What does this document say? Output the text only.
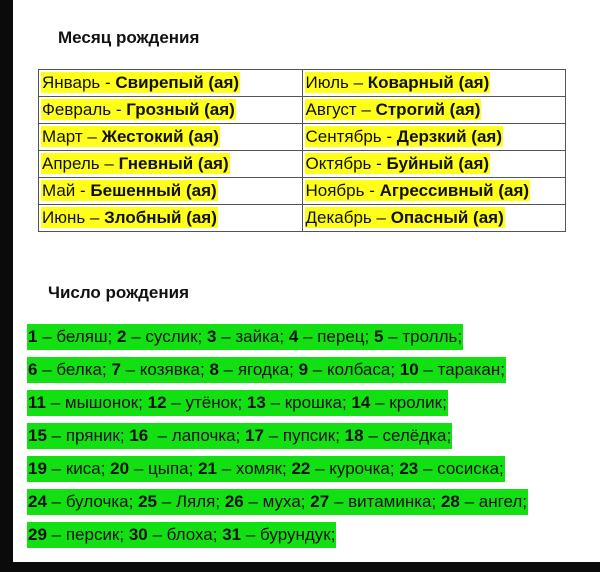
Месяц рождения
Январь - Свирепый (ая)	Июль – Коварный (ая)
Февраль - Грозный (ая)	Август – Строгий (ая)
Март – Жестокий (ая)	Сентябрь - Дерзкий (ая)
Апрель – Гневный (ая)	Октябрь - Буйный (ая)
Май - Бешенный (ая)	Ноябрь - Агрессивный (ая)
Июнь – Злобный (ая)	Декабрь – Опасный (ая)
Число рождения
1 – беляш; 2 – суслик; 3 – зайка; 4 – перец; 5 – тролль;
6 – белка; 7 – козявка; 8 – ягодка; 9 – колбаса; 10 – таракан;
11 – мышонок; 12 – утёнок; 13 – крошка; 14 – кролик;
15 – пряник; 16  – лапочка; 17 – пупсик; 18 – селёдка;
19 – киса; 20 – цыпа; 21 – хомяк; 22 – курочка; 23 – сосиска;
24 – булочка; 25 – Ляля; 26 – муха; 27 – витаминка; 28 – ангел;
29 – персик; 30 – блоха; 31 – бурундук;
